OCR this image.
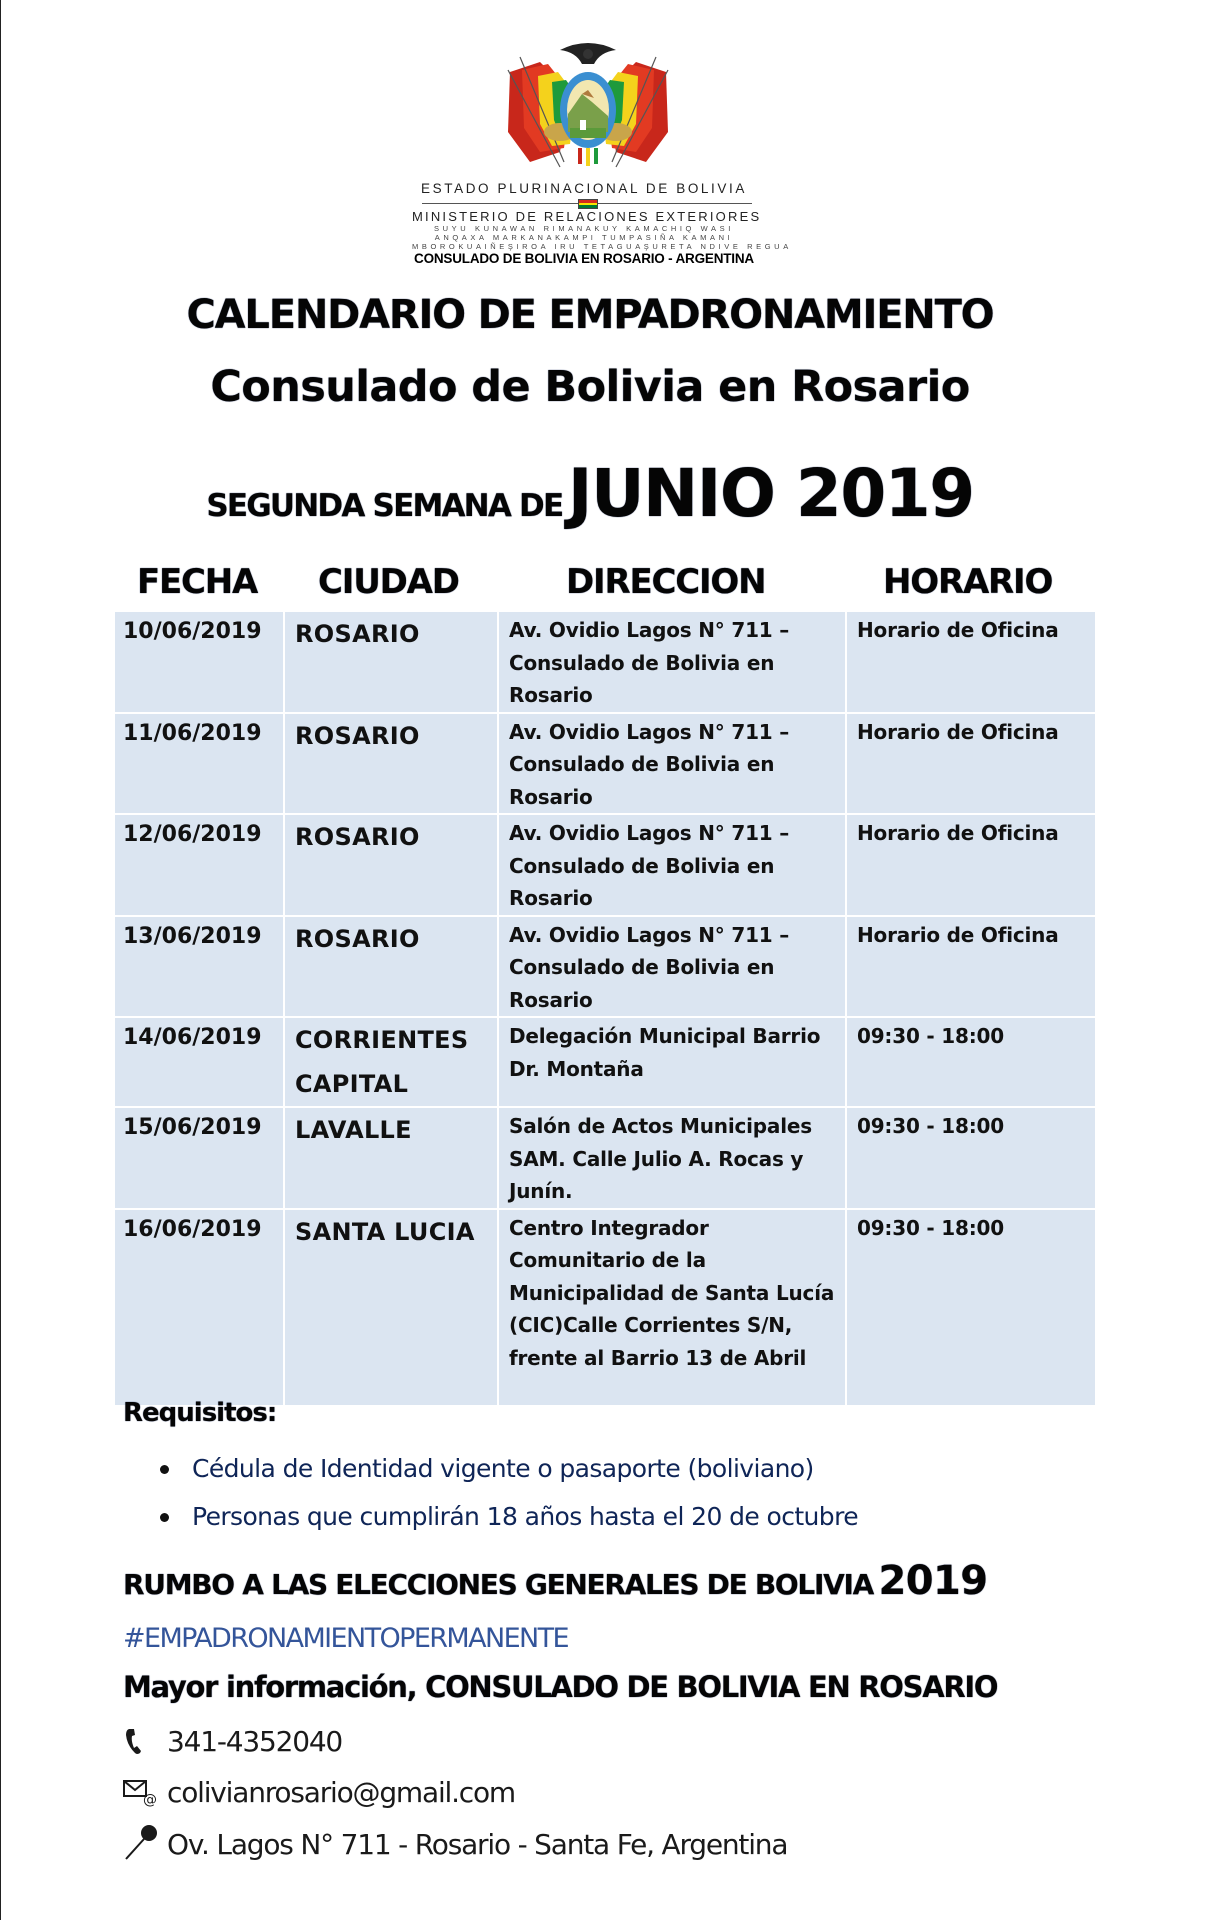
ESTADO PLURINACIONAL DE BOLIVIA
MINISTERIO DE RELACIONES EXTERIORES
SUYU KUNAWAN RIMANAKUY KAMACHIQ WASI
ANQAXA MARKANAKAMPI TUMPASIÑA KAMANI
MBOROKUAIÑEŞIROA IRU TETAGUAŞURETA NDIVE REGUA
CONSULADO DE BOLIVIA EN ROSARIO - ARGENTINA
CALENDARIO DE EMPADRONAMIENTO
Consulado de Bolivia en Rosario
SEGUNDA SEMANA DE JUNIO 2019
FECHA CIUDAD	DIRECCION	HORARIO
10/06/2019	ROSARIO	Av. Ovidio Lagos N° 711 – Consulado de Bolivia en Rosario	Horario de Oficina
11/06/2019	ROSARIO	Av. Ovidio Lagos N° 711 – Consulado de Bolivia en Rosario	Horario de Oficina
12/06/2019	ROSARIO	Av. Ovidio Lagos N° 711 – Consulado de Bolivia en Rosario	Horario de Oficina
13/06/2019	ROSARIO	Av. Ovidio Lagos N° 711 – Consulado de Bolivia en Rosario	Horario de Oficina
14/06/2019	CORRIENTES CAPITAL	Delegación Municipal Barrio Dr. Montaña	09:30 - 18:00
15/06/2019	LAVALLE	Salón de Actos Municipales SAM. Calle Julio A. Rocas y Junín.	09:30 - 18:00
16/06/2019	SANTA LUCIA	Centro Integrador Comunitario de la Municipalidad de Santa Lucía (CIC)Calle Corrientes S/N, frente al Barrio 13 de Abril	09:30 - 18:00
Requisitos:
Cédula de Identidad vigente o pasaporte (boliviano)
Personas que cumplirán 18 años hasta el 20 de octubre
RUMBO A LAS ELECCIONES GENERALES DE BOLIVIA 2019
#EMPADRONAMIENTOPERMANENTE
Mayor información, CONSULADO DE BOLIVIA EN ROSARIO
341-4352040
@ colivianrosario@gmail.com
Ov. Lagos N° 711 - Rosario - Santa Fe, Argentina
